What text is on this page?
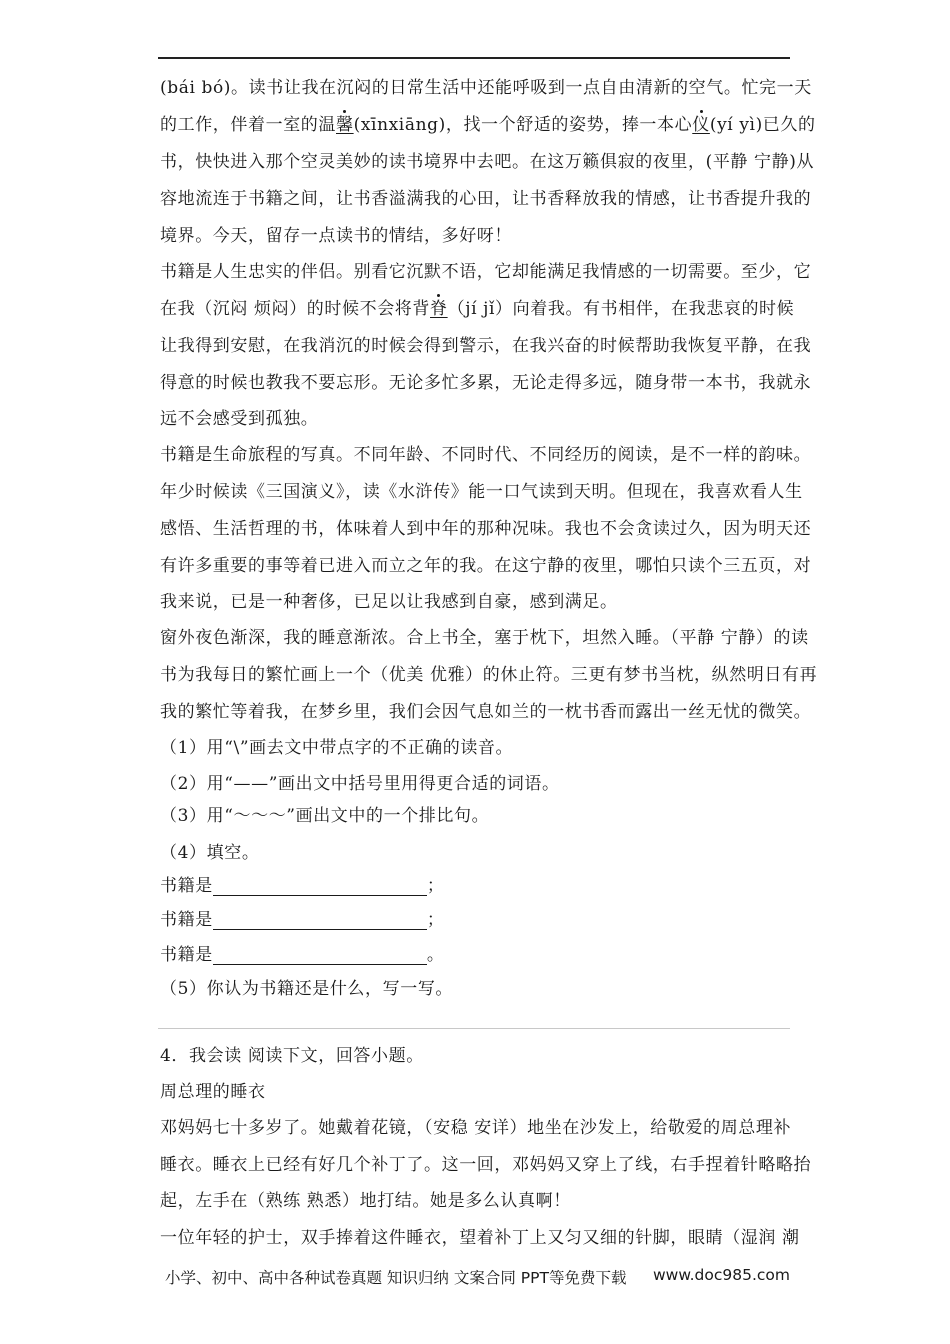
(bái bó)。读书让我在沉闷的日常生活中还能呼吸到一点自由清新的空气。忙完一天
的工作，伴着一室的温馨(xīnxiāng)，找一个舒适的姿势，捧一本心仪(yí yì)已久的
书，快快进入那个空灵美妙的读书境界中去吧。在这万籁俱寂的夜里，(平静 宁静)从
容地流连于书籍之间，让书香溢满我的心田，让书香释放我的情感，让书香提升我的
境界。今天，留存一点读书的情结，多好呀！
书籍是人生忠实的伴侣。别看它沉默不语，它却能满足我情感的一切需要。至少，它
在我（沉闷 烦闷）的时候不会将背脊（jí jǐ）向着我。有书相伴，在我悲哀的时候
让我得到安慰，在我消沉的时候会得到警示，在我兴奋的时候帮助我恢复平静，在我
得意的时候也教我不要忘形。无论多忙多累，无论走得多远，随身带一本书，我就永
远不会感受到孤独。
书籍是生命旅程的写真。不同年龄、不同时代、不同经历的阅读，是不一样的韵味。
年少时候读《三国演义》，读《水浒传》能一口气读到天明。但现在，我喜欢看人生
感悟、生活哲理的书，体味着人到中年的那种况味。我也不会贪读过久，因为明天还
有许多重要的事等着已进入而立之年的我。在这宁静的夜里，哪怕只读个三五页，对
我来说，已是一种奢侈，已足以让我感到自豪，感到满足。
窗外夜色渐深，我的睡意渐浓。合上书全，塞于枕下，坦然入睡。（平静 宁静）的读
书为我每日的繁忙画上一个（优美 优雅）的休止符。三更有梦书当枕，纵然明日有再
我的繁忙等着我，在梦乡里，我们会因气息如兰的一枕书香而露出一丝无忧的微笑。
（1）用“\”画去文中带点字的不正确的读音。
（2）用“——”画出文中括号里用得更合适的词语。
（3）用“～～～”画出文中的一个排比句。
（4）填空。
书籍是	；
书籍是	；
书籍是	。
（5）你认为书籍还是什么，写一写。
4．我会读 阅读下文，回答小题。
周总理的睡衣
邓妈妈七十多岁了。她戴着花镜，（安稳 安详）地坐在沙发上，给敬爱的周总理补
睡衣。睡衣上已经有好几个补丁了。这一回，邓妈妈又穿上了线，右手捏着针略略抬
起，左手在（熟练 熟悉）地打结。她是多么认真啊！
一位年轻的护士，双手捧着这件睡衣，望着补丁上又匀又细的针脚，眼睛（湿润 潮
小学、初中、高中各种试卷真题 知识归纳 文案合同 PPT等免费下载 www.doc985.com
